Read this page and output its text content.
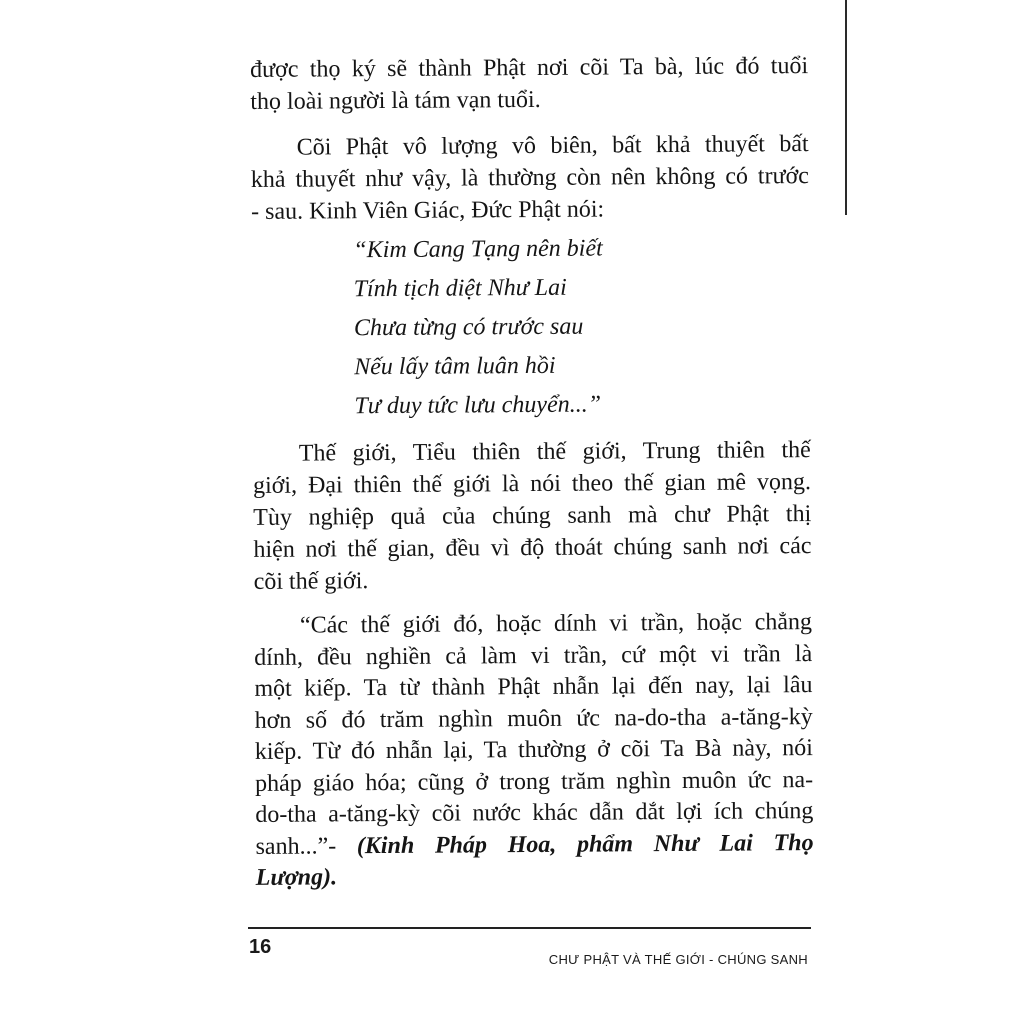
được thọ ký sẽ thành Phật nơi cõi Ta bà, lúc đó tuổi
thọ loài người là tám vạn tuổi.
Cõi Phật vô lượng vô biên, bất khả thuyết bất
khả thuyết như vậy, là thường còn nên không có trước
- sau. Kinh Viên Giác, Đức Phật nói:
“Kim Cang Tạng nên biết
Tính tịch diệt Như Lai
Chưa từng có trước sau
Nếu lấy tâm luân hồi
Tư duy tức lưu chuyển...”
Thế giới, Tiểu thiên thế giới, Trung thiên thế
giới, Đại thiên thế giới là nói theo thế gian mê vọng.
Tùy nghiệp quả của chúng sanh mà chư Phật thị
hiện nơi thế gian, đều vì độ thoát chúng sanh nơi các
cõi thế giới.
“Các thế giới đó, hoặc dính vi trần, hoặc chẳng
dính, đều nghiền cả làm vi trần, cứ một vi trần là
một kiếp. Ta từ thành Phật nhẫn lại đến nay, lại lâu
hơn số đó trăm nghìn muôn ức na-do-tha a-tăng-kỳ
kiếp. Từ đó nhẫn lại, Ta thường ở cõi Ta Bà này, nói
pháp giáo hóa; cũng ở trong trăm nghìn muôn ức na-
do-tha a-tăng-kỳ cõi nước khác dẫn dắt lợi ích chúng
sanh...”- (Kinh Pháp Hoa, phẩm Như Lai Thọ
Lượng).
16
CHƯ PHẬT VÀ THẾ GIỚI - CHÚNG SANH
